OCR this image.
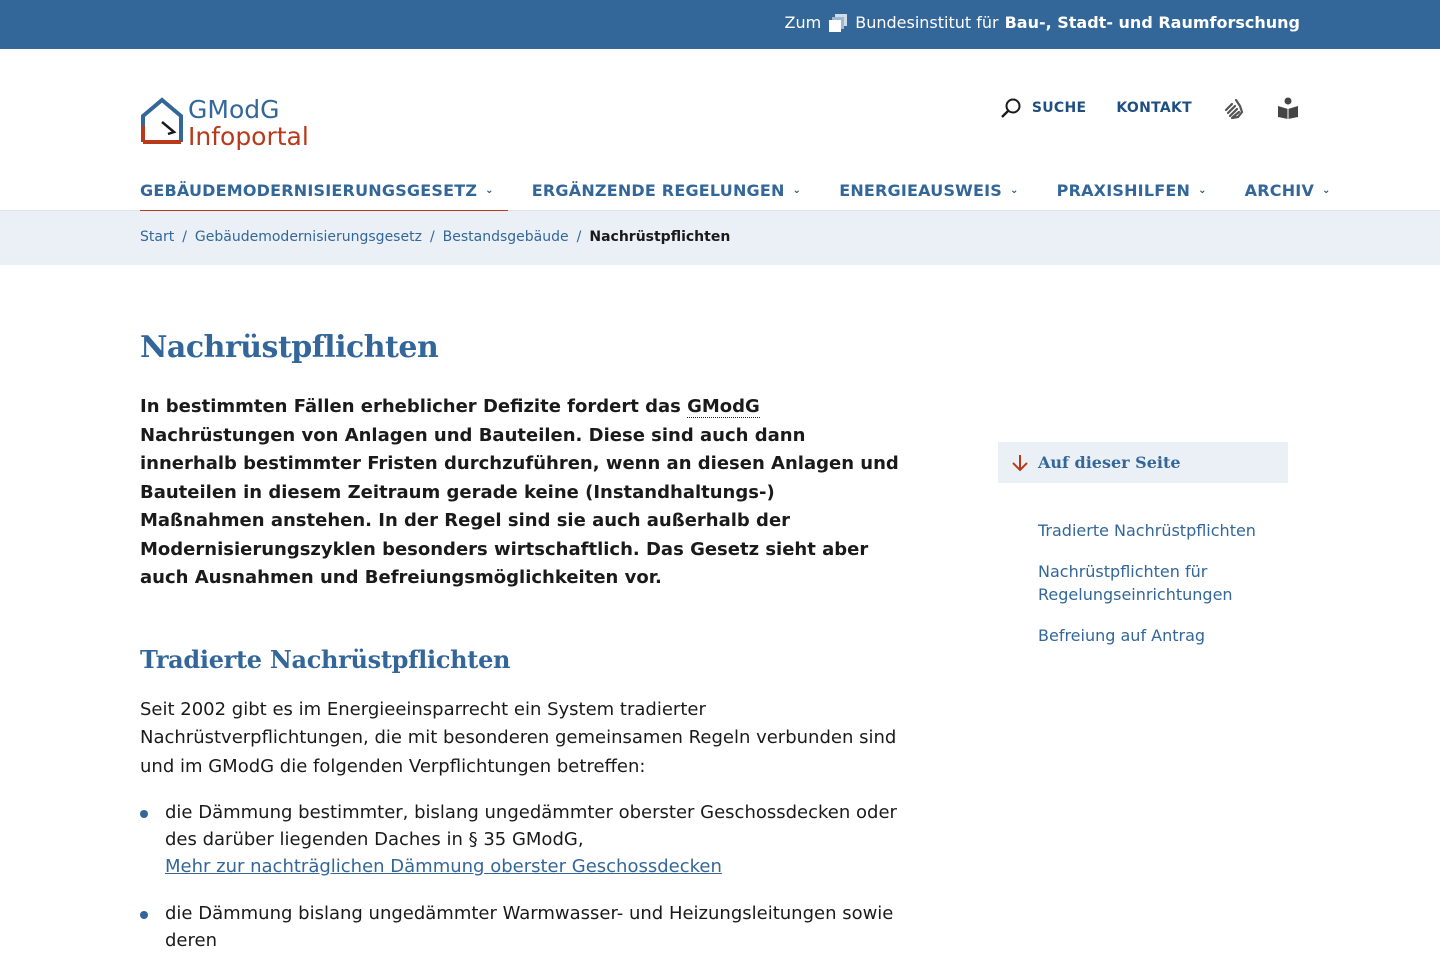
Zum Bundesinstitut für Bau-, Stadt- und Raumforschung
GModG
Infoportal
SUCHE KONTAKT
GEBÄUDEMODERNISIERUNGSGESETZ ⌄ ERGÄNZENDE REGELUNGEN ⌄ ENERGIEAUSWEIS ⌄ PRAXISHILFEN ⌄ ARCHIV ⌄
Start / Gebäudemodernisierungsgesetz / Bestandsgebäude / Nachrüstpflichten
Nachrüstpflichten

In bestimmten Fällen erheblicher Defizite fordert das GModG Nachrüstungen von Anlagen und Bauteilen. Diese sind auch dann innerhalb bestimmter Fristen durchzuführen, wenn an diesen Anlagen und Bauteilen in diesem Zeitraum gerade keine (Instandhaltungs-) Maßnahmen anstehen. In der Regel sind sie auch außerhalb der Modernisierungszyklen besonders wirtschaftlich. Das Gesetz sieht aber auch Ausnahmen und Befreiungsmöglichkeiten vor.

Tradierte Nachrüstpflichten

Seit 2002 gibt es im Energieeinsparrecht ein System tradierter Nachrüstverpflichtungen, die mit besonderen gemeinsamen Regeln verbunden sind und im GModG die folgenden Verpflichtungen betreffen:

die Dämmung bestimmter, bislang ungedämmter oberster Geschossdecken oder des darüber liegenden Daches in § 35 GModG,
Mehr zur nachträglichen Dämmung oberster Geschossdecken
die Dämmung bislang ungedämmter Warmwasser- und Heizungsleitungen sowie deren
Auf dieser Seite
Tradierte Nachrüstpflichten
Nachrüstpflichten für Regelungseinrichtungen
Befreiung auf Antrag
